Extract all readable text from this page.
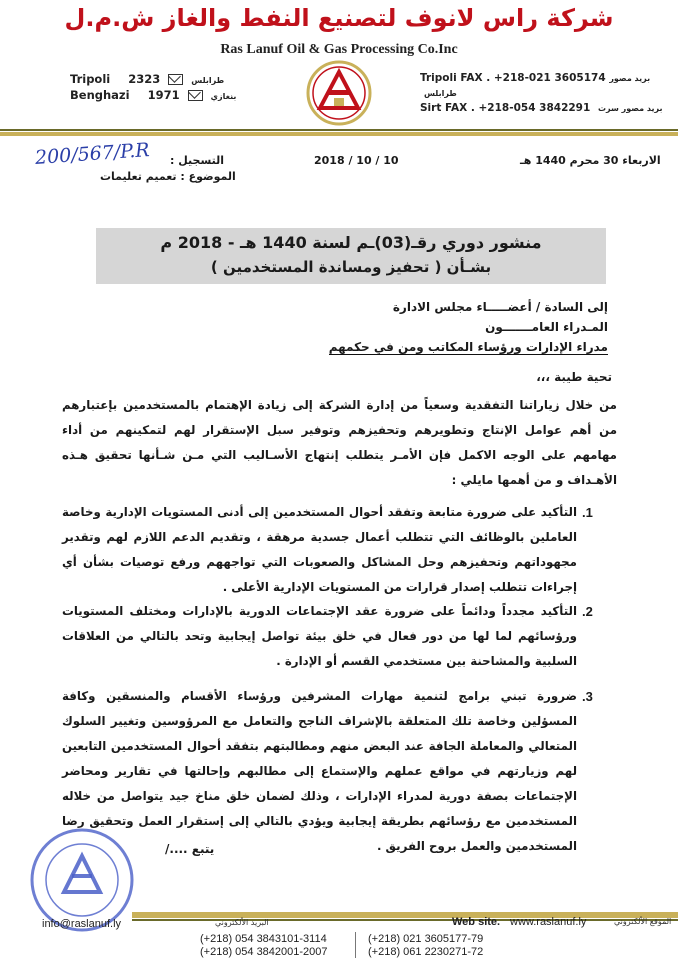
شركة راس لانوف لتصنيع النفط والغاز ش.م.ل
Ras Lanuf Oil & Gas Processing Co.Inc
Tripoli 2323	طرابلس
Benghazi 1971	بنغازي
Tripoli FAX . +218-021 3605174 بريد مصور طرابلس
Sirt FAX . +218-054 3842291 بريد مصور سرت
200/567/P.R التسجيل :
الموضوع : تعميم تعليمات
2018 / 10 / 10	الاربعاء 30 محرم 1440 هـ
منشور دوري رقـ(03)ـم لسنة 1440 هـ - 2018 م
بشـأن ( تحفيز ومساندة المستخدمين )
إلى السادة / أعضـــــاء مجلس الادارة
المـدراء العامـــــــون
مدراء الإدارات ورؤساء المكاتب ومن في حكمهم
تحية طيبة ،،،
من خلال زياراتنا التفقدية وسعياً من إدارة الشركة إلى زيادة الإهتمام بالمستخدمين بإعتبارهم من أهم عوامل الإنتاج وتطويرهم وتحفيزهم وتوفير سبل الإستقرار لهم لتمكينهم من أداء مهامهم على الوجه الاكمل فإن الأمـر يتطلب إنتهاج الأسـاليب التي مـن شـأنها تحقيق هـذه الأهـداف و من أهمها مايلي :
.1
التأكيد على ضرورة متابعة وتفقد أحوال المستخدمين إلى أدنى المستويات الإدارية وخاصة العاملين بالوظائف التي تتطلب أعمال جسدية مرهقة ، وتقديم الدعم اللازم لهم وتقدير مجهوداتهم وتحفيزهم وحل المشاكل والصعوبات التي تواجههم ورفع توصيات بشأن أي إجراءات تتطلب إصدار قرارات من المستويات الإدارية الأعلى .
.2
التأكيد مجدداً ودائماً على ضرورة عقد الإجتماعات الدورية بالإدارات ومختلف المستويات ورؤسائهم لما لها من دور فعال في خلق بيئة تواصل إيجابية وتحد بالتالي من العلاقات السلبية والمشاحنة بين مستخدمي القسم أو الإدارة .
.3
ضرورة تبني برامج لتنمية مهارات المشرفين ورؤساء الأقسام والمنسقين وكافة المسؤلين وخاصة تلك المتعلقة بالإشراف الناجح والتعامل مع المرؤوسين وتغيير السلوك المتعالي والمعاملة الجافة عند البعض منهم ومطالبتهم بتفقد أحوال المستخدمين التابعين لهم وزيارتهم في مواقع عملهم والإستماع إلى مطالبهم وإحالتها في تقارير ومحاضر الإجتماعات بصفة دورية لمدراء الإدارات ، وذلك لضمان خلق مناخ جيد يتواصل من خلاله المستخدمين مع رؤسائهم بطريقة إيجابية ويؤدي بالتالي إلى إستقرار العمل وتحقيق رضا المستخدمين والعمل بروح الفريق .
يتبع ..../
info@raslanuf.ly	البريد الألكتروني	Web site. www.raslanuf.ly	الموقع الألكتروني
(+218) 054 3843101-3114
(+218) 054 3842001-2007
(+218) 021 3605177-79
(+218) 061 2230271-72
